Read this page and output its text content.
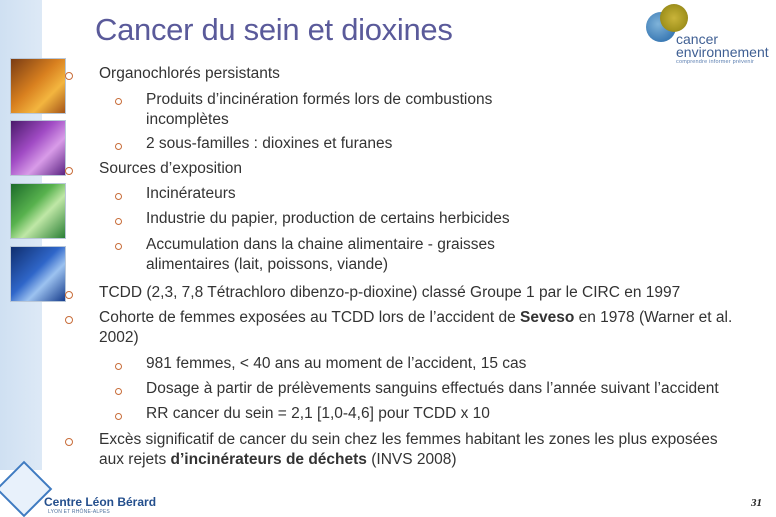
Cancer du sein et dioxines	cancer
environnement
comprendre informer prévenir
Organochlorés persistants
Produits d’incinération formés lors de combustions
incomplètes
2 sous-familles : dioxines et furanes
Sources d’exposition
Incinérateurs
Industrie du papier, production de certains herbicides
Accumulation dans la chaine alimentaire - graisses
alimentaires (lait, poissons, viande)
TCDD (2,3, 7,8 Tétrachloro dibenzo-p-dioxine) classé Groupe 1 par le CIRC en 1997
Cohorte de femmes exposées au TCDD lors de l’accident de Seveso en 1978 (Warner et al.
2002)
981 femmes, < 40 ans au moment de l’accident, 15 cas
Dosage à partir de prélèvements sanguins effectués dans l’année suivant l’accident
RR cancer du sein = 2,1 [1,0-4,6] pour TCDD x 10
Excès significatif de cancer du sein chez les femmes habitant les zones les plus exposées
aux rejets d’incinérateurs de déchets (INVS 2008)
Centre Léon Bérard
LYON ET RHÔNE-ALPES
31
